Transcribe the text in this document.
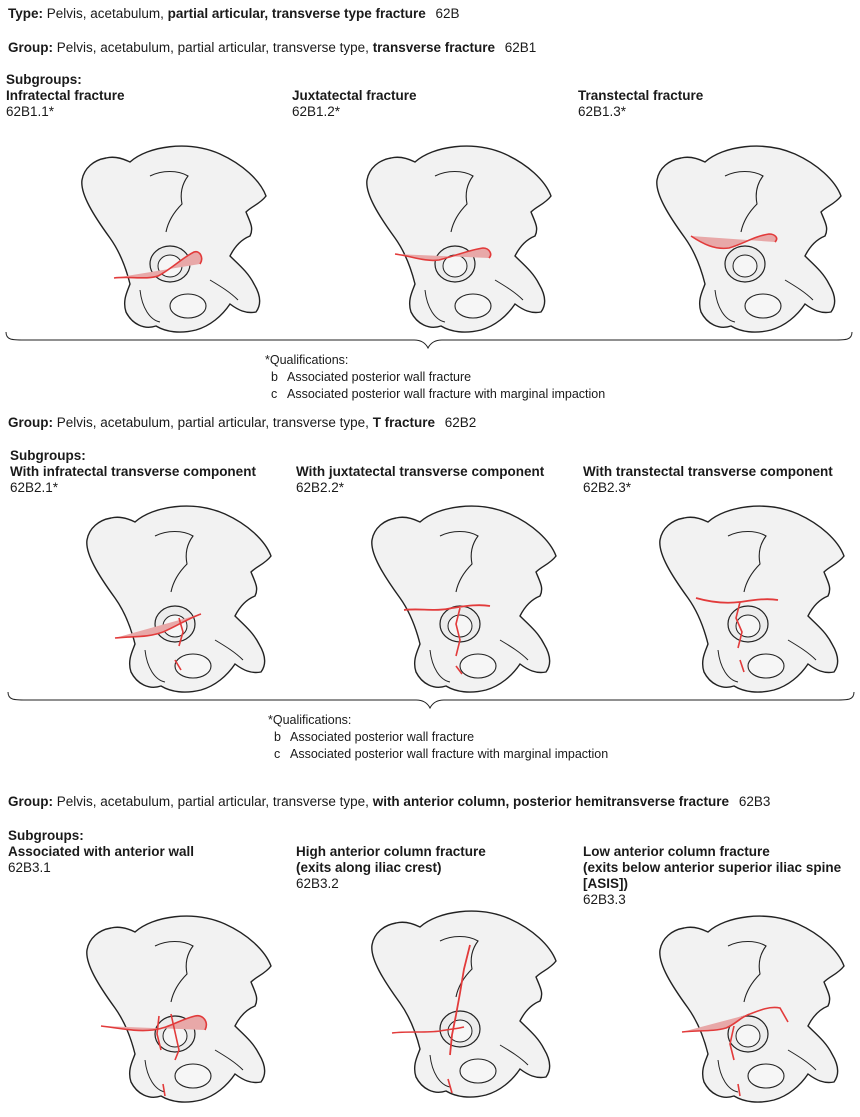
Type: Pelvis, acetabulum, partial articular, transverse type fracture 62B
Group: Pelvis, acetabulum, partial articular, transverse type, transverse fracture 62B1
Subgroups:
Infratectal fracture
62B1.1*
Juxtatectal fracture
62B1.2*
Transtectal fracture
62B1.3*
*Qualifications:
b Associated posterior wall fracture
c Associated posterior wall fracture with marginal impaction
Group: Pelvis, acetabulum, partial articular, transverse type, T fracture 62B2
Subgroups:
With infratectal transverse component
62B2.1*
With juxtatectal transverse component
62B2.2*
With transtectal transverse component
62B2.3*
*Qualifications:
b Associated posterior wall fracture
c Associated posterior wall fracture with marginal impaction
Group: Pelvis, acetabulum, partial articular, transverse type, with anterior column, posterior hemitransverse fracture 62B3
Subgroups:
Associated with anterior wall
62B3.1
High anterior column fracture
(exits along iliac crest)
62B3.2
Low anterior column fracture
(exits below anterior superior iliac spine
[ASIS])
62B3.3
